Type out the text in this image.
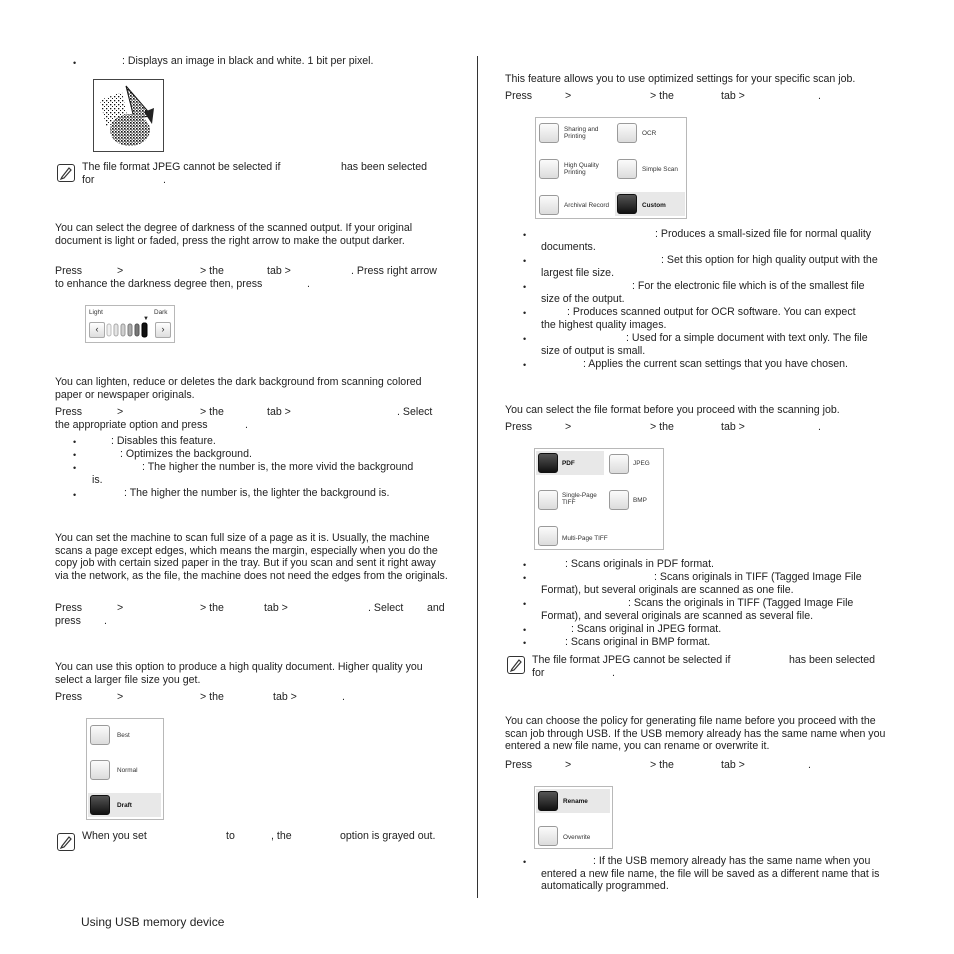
•	: Displays an image in black and white. 1 bit per pixel.
The file format JPEG cannot be selected if	has been selected
for	.
You can select the degree of darkness of the scanned output. If your original document is light or faded, press the right arrow to make the output darker.
Press	>	> the	tab >	. Press right arrow
to enhance the darkness degree then, press	.
Light	Dark
‹	›
▼
You can lighten, reduce or deletes the dark background from scanning colored paper or newspaper originals.
Press	>	> the	tab >	. Select
the appropriate option and press	.
•	: Disables this feature.
•	: Optimizes the background.
•	: The higher the number is, the more vivid the background
is.
•	: The higher the number is, the lighter the background is.
You can set the machine to scan full size of a page as it is. Usually, the machine scans a page except edges, which means the margin, especially when you do the copy job with certain sized paper in the tray. But if you scan and sent it right away via the network, as the file, the machine does not need the edges from the originals.
Press	>	> the	tab >	. Select and
press .
You can use this option to produce a high quality document. Higher quality you select a larger file size you get.
Press	>	> the	tab >	.
Best
Normal
Draft
When you set	to	, the	option is grayed out.
This feature allows you to use optimized settings for your specific scan job.
Press	>	> the	tab >	.
Sharing and Printing	OCR
High Quality Printing	Simple Scan
Archival Record	Custom
•	: Produces a small-sized file for normal quality
documents.
•	: Set this option for high quality output with the
largest file size.
•	: For the electronic file which is of the smallest file
size of the output.
•	: Produces scanned output for OCR software. You can expect
the highest quality images.
•	: Used for a simple document with text only. The file
size of output is small.
•	: Applies the current scan settings that you have chosen.
You can select the file format before you proceed with the scanning job.
Press	>	> the	tab >	.
PDF	JPEG
Single-Page TIFF	BMP
Multi-Page TIFF
•	: Scans originals in PDF format.
•	: Scans originals in TIFF (Tagged Image File
Format), but several originals are scanned as one file.
•	: Scans the originals in TIFF (Tagged Image File
Format), and several originals are scanned as several file.
•	: Scans original in JPEG format.
•	: Scans original in BMP format.
The file format JPEG cannot be selected if	has been selected
for	.
You can choose the policy for generating file name before you proceed with the scan job through USB. If the USB memory already has the same name when you entered a new file name, you can rename or overwrite it.
Press	>	> the	tab >	.
Rename
Overwrite
•	: If the USB memory already has the same name when you entered a new file name, the file will be saved as a different name that is automatically programmed.
Using USB memory device
